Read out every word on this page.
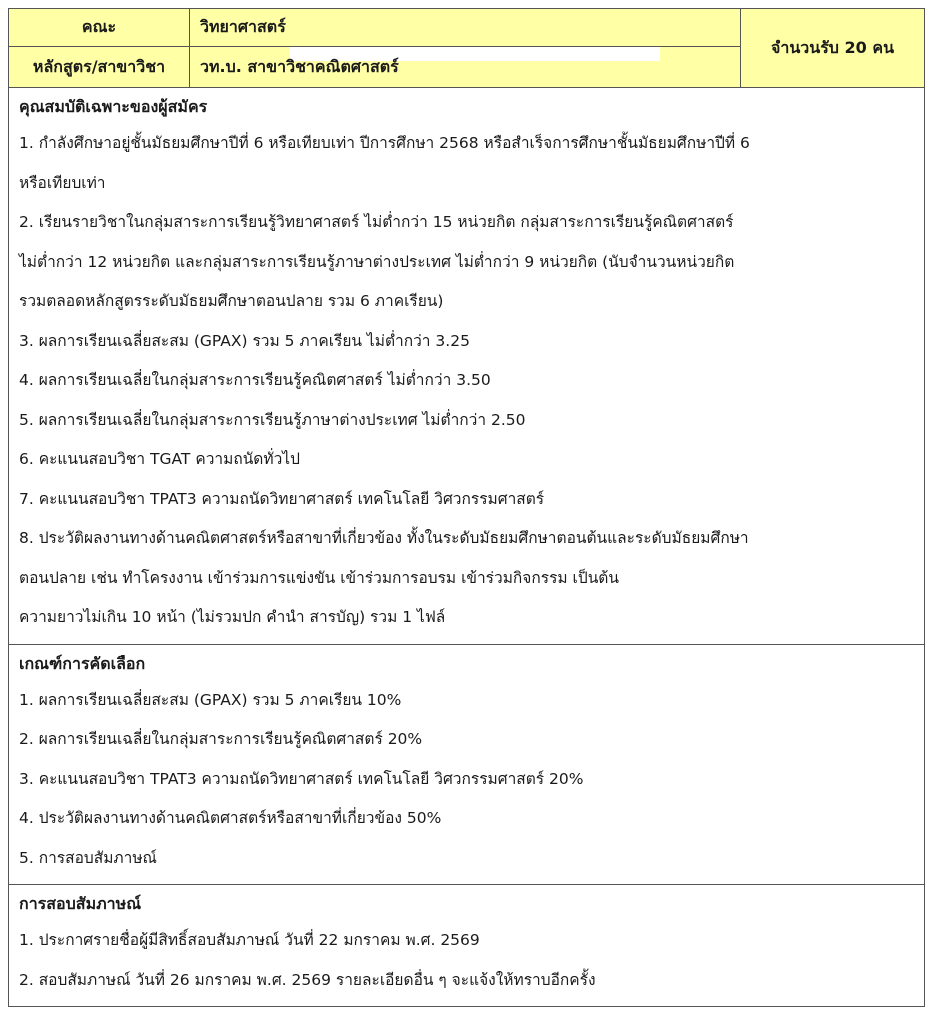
คณะ	วิทยาศาสตร์
จำนวนรับ 20 คน
หลักสูตร/สาขาวิชา	วท.บ. สาขาวิชาคณิตศาสตร์
คุณสมบัติเฉพาะของผู้สมัคร
1. กำลังศึกษาอยู่ชั้นมัธยมศึกษาปีที่ 6 หรือเทียบเท่า ปีการศึกษา 2568 หรือสำเร็จการศึกษาชั้นมัธยมศึกษาปีที่ 6
หรือเทียบเท่า
2. เรียนรายวิชาในกลุ่มสาระการเรียนรู้วิทยาศาสตร์ ไม่ต่ำกว่า 15 หน่วยกิต กลุ่มสาระการเรียนรู้คณิตศาสตร์
ไม่ต่ำกว่า 12 หน่วยกิต และกลุ่มสาระการเรียนรู้ภาษาต่างประเทศ ไม่ต่ำกว่า 9 หน่วยกิต (นับจำนวนหน่วยกิต
รวมตลอดหลักสูตรระดับมัธยมศึกษาตอนปลาย รวม 6 ภาคเรียน)
3. ผลการเรียนเฉลี่ยสะสม (GPAX) รวม 5 ภาคเรียน ไม่ต่ำกว่า 3.25
4. ผลการเรียนเฉลี่ยในกลุ่มสาระการเรียนรู้คณิตศาสตร์ ไม่ต่ำกว่า 3.50
5. ผลการเรียนเฉลี่ยในกลุ่มสาระการเรียนรู้ภาษาต่างประเทศ ไม่ต่ำกว่า 2.50
6. คะแนนสอบวิชา TGAT ความถนัดทั่วไป
7. คะแนนสอบวิชา TPAT3 ความถนัดวิทยาศาสตร์ เทคโนโลยี วิศวกรรมศาสตร์
8. ประวัติผลงานทางด้านคณิตศาสตร์หรือสาขาที่เกี่ยวข้อง ทั้งในระดับมัธยมศึกษาตอนต้นและระดับมัธยมศึกษา
ตอนปลาย เช่น ทำโครงงาน เข้าร่วมการแข่งขัน เข้าร่วมการอบรม เข้าร่วมกิจกรรม เป็นต้น
ความยาวไม่เกิน 10 หน้า (ไม่รวมปก คำนำ สารบัญ) รวม 1 ไฟล์
เกณฑ์การคัดเลือก
1. ผลการเรียนเฉลี่ยสะสม (GPAX) รวม 5 ภาคเรียน 10%
2. ผลการเรียนเฉลี่ยในกลุ่มสาระการเรียนรู้คณิตศาสตร์ 20%
3. คะแนนสอบวิชา TPAT3 ความถนัดวิทยาศาสตร์ เทคโนโลยี วิศวกรรมศาสตร์ 20%
4. ประวัติผลงานทางด้านคณิตศาสตร์หรือสาขาที่เกี่ยวข้อง 50%
5. การสอบสัมภาษณ์
การสอบสัมภาษณ์
1. ประกาศรายชื่อผู้มีสิทธิ์สอบสัมภาษณ์ วันที่ 22 มกราคม พ.ศ. 2569
2. สอบสัมภาษณ์ วันที่ 26 มกราคม พ.ศ. 2569 รายละเอียดอื่น ๆ จะแจ้งให้ทราบอีกครั้ง
